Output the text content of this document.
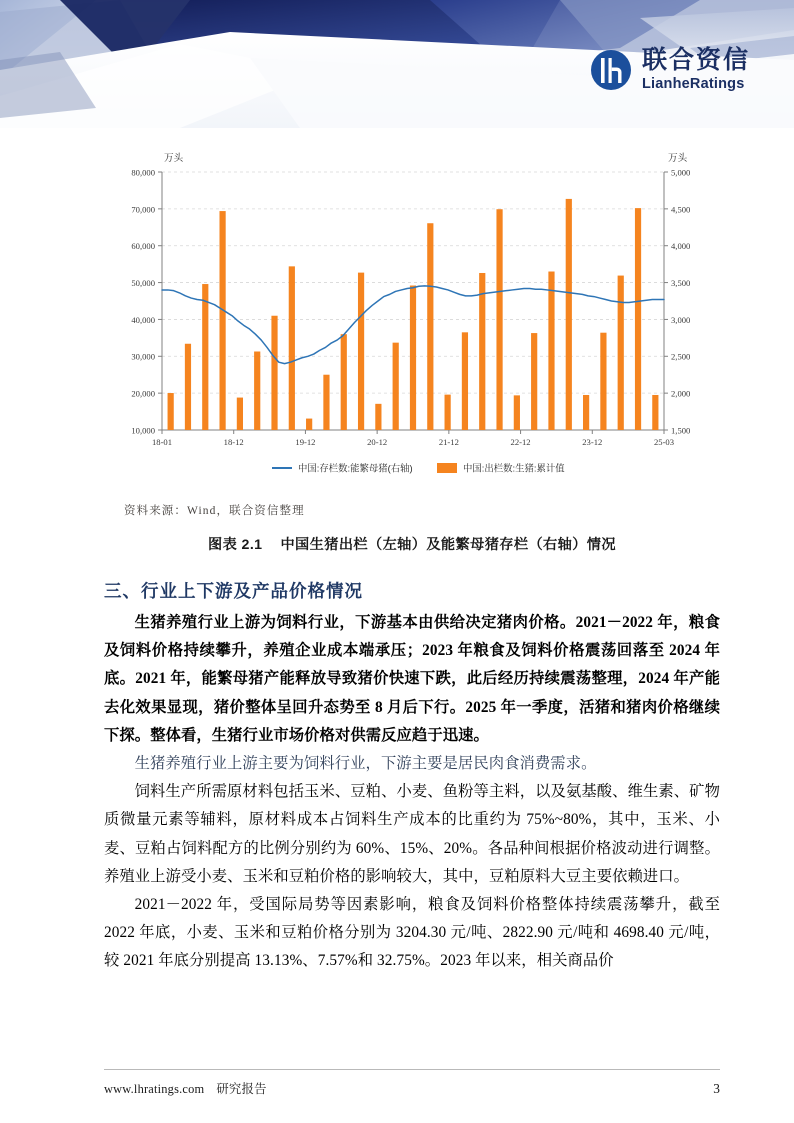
联合资信
LianheRatings
10,000
20,000
30,000
40,000
50,000
60,000
70,000
80,000
1,500
2,000
2,500
3,000
3,500
4,000
4,500
5,000
万头	万头
18-01	18-12	19-12	20-12	21-12	22-12	23-12	25-03
中国:存栏数:能繁母猪(右轴)	中国:出栏数:生猪:累计值
资料来源：Wind，联合资信整理
图表 2.1 中国生猪出栏（左轴）及能繁母猪存栏（右轴）情况
三、行业上下游及产品价格情况

生猪养殖行业上游为饲料行业，下游基本由供给决定猪肉价格。2021－2022 年，粮食及饲料价格持续攀升，养殖企业成本端承压；2023 年粮食及饲料价格震荡回落至 2024 年底。2021 年，能繁母猪产能释放导致猪价快速下跌，此后经历持续震荡整理，2024 年产能去化效果显现，猪价整体呈回升态势至 8 月后下行。2025 年一季度，活猪和猪肉价格继续下探。整体看，生猪行业市场价格对供需反应趋于迅速。

生猪养殖行业上游主要为饲料行业，下游主要是居民肉食消费需求。

饲料生产所需原材料包括玉米、豆粕、小麦、鱼粉等主料，以及氨基酸、维生素、矿物质微量元素等辅料，原材料成本占饲料生产成本的比重约为 75%~80%，其中，玉米、小麦、豆粕占饲料配方的比例分别约为 60%、15%、20%。各品种间根据价格波动进行调整。养殖业上游受小麦、玉米和豆粕价格的影响较大，其中，豆粕原料大豆主要依赖进口。

2021－2022 年，受国际局势等因素影响，粮食及饲料价格整体持续震荡攀升，截至 2022 年底，小麦、玉米和豆粕价格分别为 3204.30 元/吨、2822.90 元/吨和 4698.40 元/吨，较 2021 年底分别提高 13.13%、7.57%和 32.75%。2023 年以来，相关商品价

www.lhratings.com 研究报告	3
